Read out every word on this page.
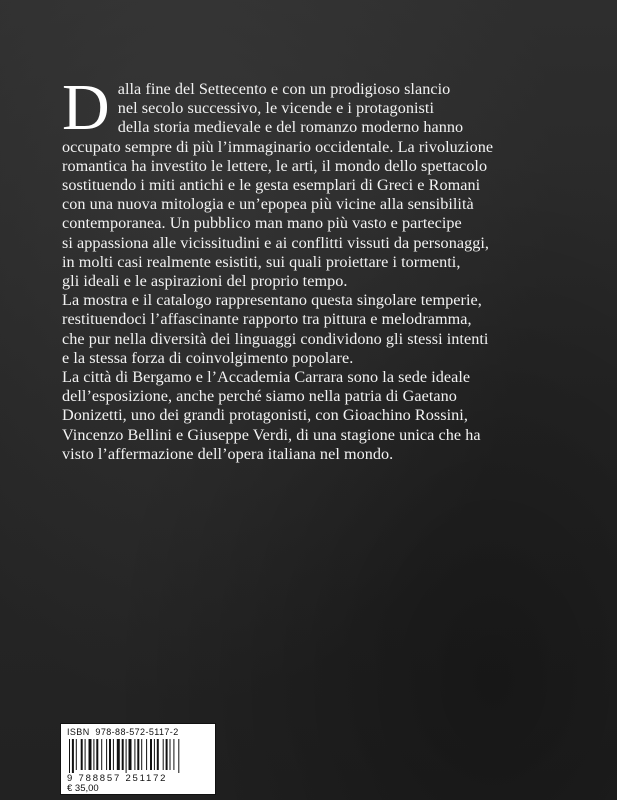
D alla fine del Settecento e con un prodigioso slancio
nel secolo successivo, le vicende e i protagonisti
della storia medievale e del romanzo moderno hanno
occupato sempre di più l’immaginario occidentale. La rivoluzione
romantica ha investito le lettere, le arti, il mondo dello spettacolo
sostituendo i miti antichi e le gesta esemplari di Greci e Romani
con una nuova mitologia e un’epopea più vicine alla sensibilità
contemporanea. Un pubblico man mano più vasto e partecipe
si appassiona alle vicissitudini e ai conflitti vissuti da personaggi,
in molti casi realmente esistiti, sui quali proiettare i tormenti,
gli ideali e le aspirazioni del proprio tempo.
La mostra e il catalogo rappresentano questa singolare temperie,
restituendoci l’affascinante rapporto tra pittura e melodramma,
che pur nella diversità dei linguaggi condividono gli stessi intenti
e la stessa forza di coinvolgimento popolare.
La città di Bergamo e l’Accademia Carrara sono la sede ideale
dell’esposizione, anche perché siamo nella patria di Gaetano
Donizetti, uno dei grandi protagonisti, con Gioachino Rossini,
Vincenzo Bellini e Giuseppe Verdi, di una stagione unica che ha
visto l’affermazione dell’opera italiana nel mondo.
ISBN 978-88-572-5117-2
9 788857 251172
€ 35,00
